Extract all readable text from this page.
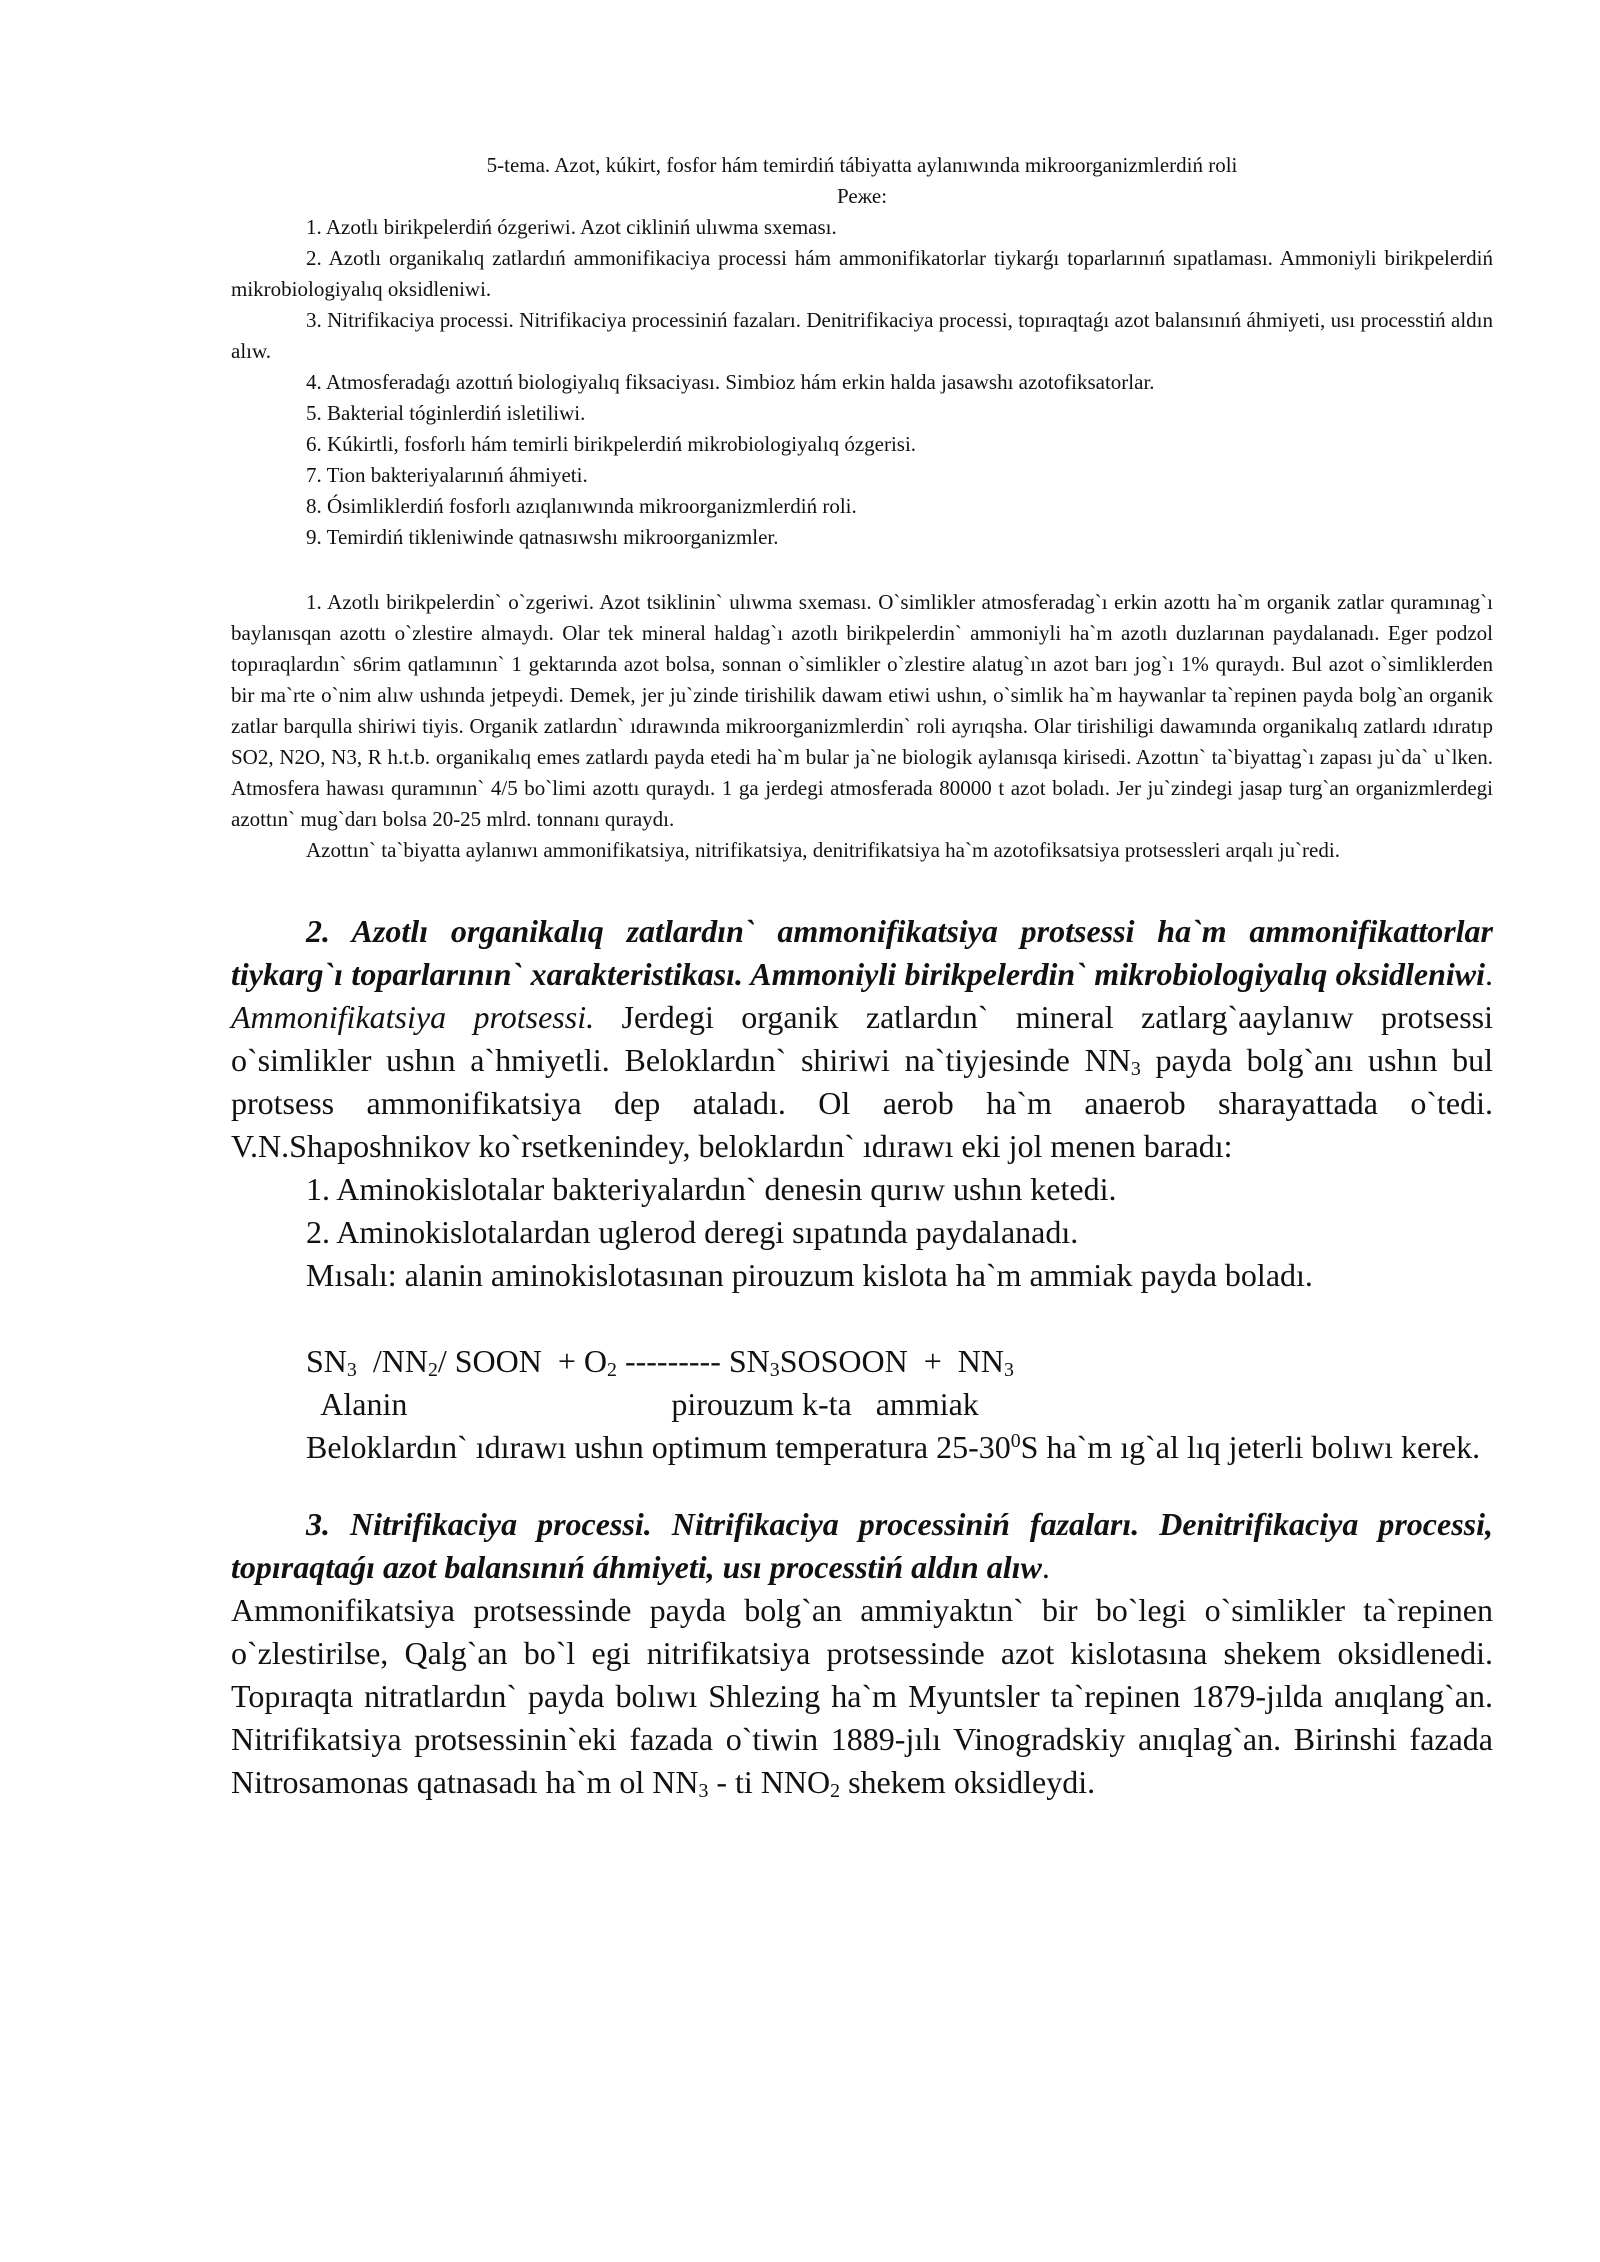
5-tema. Azot, kúkirt, fosfor hám temirdiń tábiyatta aylanıwında mikroorganizmlerdiń roli

Реже:

1. Azotlı birikpelerdiń ózgeriwi. Azot cikliniń ulıwma sxeması.

2. Azotlı organikalıq zatlardıń ammonifikaciya processi hám ammonifikatorlar tiykarǵı toparlarınıń sıpatlaması. Ammoniyli birikpelerdiń mikrobiologiyalıq oksidleniwi.

3. Nitrifikaciya processi. Nitrifikaciya processiniń fazaları. Denitrifikaciya processi, topıraqtaǵı azot balansınıń áhmiyeti, usı processtiń aldın alıw.

4. Atmosferadaǵı azottıń biologiyalıq fiksaciyası. Simbioz hám erkin halda jasawshı azotofiksatorlar.

5. Bakterial tóginlerdiń isletiliwi.

6. Kúkirtli, fosforlı hám temirli birikpelerdiń mikrobiologiyalıq ózgerisi.

7. Tion bakteriyalarınıń áhmiyeti.

8. Ósimliklerdiń fosforlı azıqlanıwında mikroorganizmlerdiń roli.

9. Temirdiń tikleniwinde qatnasıwshı mikroorganizmler.

1. Azotlı birikpelerdin` o`zgeriwi. Azot tsiklinin` ulıwma sxeması. O`simlikler atmosferadag`ı erkin azottı ha`m organik zatlar quramınag`ı baylanısqan azottı o`zlestire almaydı. Olar tek mineral haldag`ı azotlı birikpelerdin` ammoniyli ha`m azotlı duzlarınan paydalanadı. Eger podzol topıraqlardın` s6rim qatlamının` 1 gektarında azot bolsa, sonnan o`simlikler o`zlestire alatug`ın azot barı jog`ı 1% quraydı. Bul azot o`simliklerden bir ma`rte o`nim alıw ushında jetpeydi. Demek, jer ju`zinde tirishilik dawam etiwi ushın, o`simlik ha`m haywanlar ta`repinen payda bolg`an organik zatlar barqulla shiriwi tiyis. Organik zatlardın` ıdırawında mikroorganizmlerdin` roli ayrıqsha. Olar tirishiligi dawamında organikalıq zatlardı ıdıratıp SO2, N2O, N3, R h.t.b. organikalıq emes zatlardı payda etedi ha`m bular ja`ne biologik aylanısqa kirisedi. Azottın` ta`biyattag`ı zapası ju`da` u`lken. Atmosfera hawası quramının` 4/5 bo`limi azottı quraydı. 1 ga jerdegi atmosferada 80000 t azot boladı. Jer ju`zindegi jasap turg`an organizmlerdegi azottın` mug`darı bolsa 20-25 mlrd. tonnanı quraydı.

Azottın` ta`biyatta aylanıwı ammonifikatsiya, nitrifikatsiya, denitrifikatsiya ha`m azotofiksatsiya protsessleri arqalı ju`redi.

2. Azotlı organikalıq zatlardın` ammonifikatsiya protsessi ha`m ammonifikattorlar tiykarg`ı toparlarının` xarakteristikası. Ammoniyli birikpelerdin` mikrobiologiyalıq oksidleniwi. Ammonifikatsiya protsessi. Jerdegi organik zatlardın` mineral zatlarg`aaylanıw protsessi o`simlikler ushın a`hmiyetli. Beloklardın` shiriwi na`tiyjesinde $NN_3$ payda bolg`anı ushın bul protsess ammonifikatsiya dep ataladı. Ol aerob ha`m anaerob sharayattada o`tedi. V.N.Shaposhnikov ko`rsetkenindey, beloklardın` ıdırawı eki jol menen baradı:

1. Aminokislotalar bakteriyalardın` denesin qurıw ushın ketedi.

2. Aminokislotalardan uglerod deregi sıpatında paydalanadı.

Mısalı: alanin aminokislotasınan pirouzum kislota ha`m ammiak payda boladı.

$SN_3$  $/NN_2/$ SOON  + $O_2$ --------- $SN_3SOSOON + NN_3$

Alanin                                 pirouzum k-ta   ammiak

Beloklardın` ıdırawı ushın optimum temperatura $25-30^0S$ ha`m ıg`al lıq jeterli bolıwı kerek.

3. Nitrifikaciya processi. Nitrifikaciya processiniń fazaları. Denitrifikaciya processi, topıraqtaǵı azot balansınıń áhmiyeti, usı processtiń aldın alıw.
Ammonifikatsiya protsessinde payda bolg`an ammiyaktın` bir bo`legi o`simlikler ta`repinen o`zlestirilse, Qalg`an bo`l egi nitrifikatsiya protsessinde azot kislotasına shekem oksidlenedi. Topıraqta nitratlardın` payda bolıwı Shlezing ha`m Myuntsler ta`repinen 1879-jılda anıqlang`an. Nitrifikatsiya protsessinin`eki fazada o`tiwin 1889-jılı Vinogradskiy anıqlag`an. Birinshi fazada Nitrosamonas qatnasadı ha`m ol $NN_3$ - ti $NNO_2$ shekem oksidleydi.
